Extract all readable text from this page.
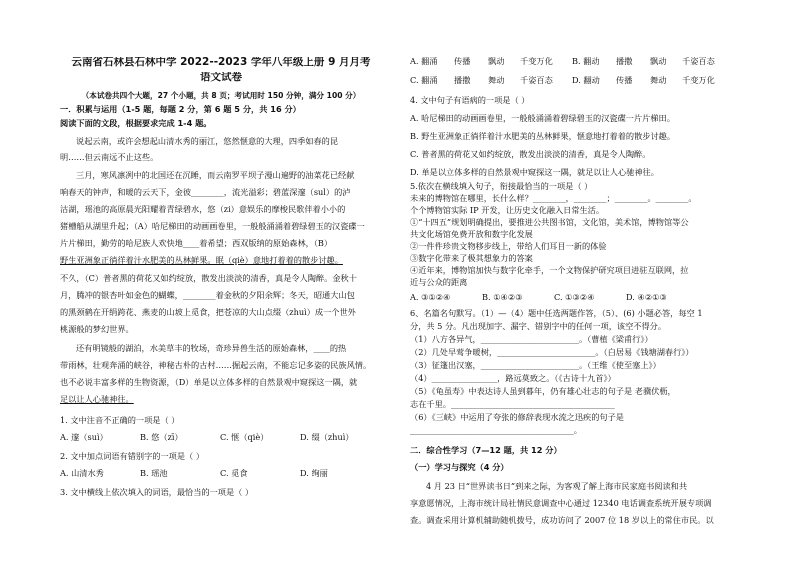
云南省石林县石林中学 2022--2023 学年八年级上册 9 月月考
语文试卷
（本试卷共四个大题，27 个小题，共 8 页；考试用时 150 分钟，满分 100 分）
一．积累与运用（1-5 题，每题 2 分，第 6 题 5 分，共 16 分）
阅读下面的文段，根据要求完成 1-4 题。
说起云南，或许会想起山清水秀的丽江，悠然惬意的大理，四季如春的昆
明……但云南远不止这些。
三月，寒风凛冽中的北国还在沉睡，而云南罗平坝子漫山遍野的油菜花已经献
响春天的钟声，和暖的云天下，金彼________，流光溢彩；碧蓝深邃（sul）的泸
沽湖，瑶池的高原晨光阳耀着青绿碧水，悠（zi）意娱乐的摩梭民歌伴着小小的
猪槽船从湖里升起；（A）哈尼梯田的动画画卷里，一般般涌涌着碧绿碧玉的汉瓷碟一
片片梯田，勤劳的哈尼族人欢快地____着希望；西双版纳的原始森林，（B）
野生亚洲象正徜徉着汁水肥美的丛林鲜果。眠（qiè）意地打着着的散步讨趣。
不久，（C）普者黑的荷花又如约绽放，散发出淡淡的清香，真是令人陶醉。金秋十
月，腾冲的银杏叶如金色的蝴蝶，________着金秋的夕阳余辉；冬天，昭通大山包
的黑颈鹤在开绢跨花、燕麦的山坡上觅食，把苍凉的大山点缀（zhuì）成一个世外
桃源般的梦幻世界。
还有明镜般的湖泊，水美草丰的牧场，奇珍异兽生活的原始森林，____的热
带雨林，壮观奔涌的峡谷，神秘古朴的古村……掘起云南，不能忘记多姿的民族风情。
也不必说丰富多样的生物资源，（D）单是以立体多样的自然景观中窥探这一隅，就
足以让人心驰神往。
1. 文中注音不正确的一项是（ ）
A. 邃（suì）	B. 悠（zī）	C. 惬（qiè）	D. 缀（zhuì）
2. 文中加点词语有错别字的一项是（ ）
A. 山清水秀	B. 瑶池	C. 觅食	D. 绚丽
3. 文中横线上依次填入的词语，最恰当的一项是（ ）
A. 翻涌	传播	飘动	千变万化	B. 翻动	播撒	飘动	千姿百态
C. 翻涌	播撒	舞动	千姿百态	D. 翻动	传播	舞动	千变万化
4. 文中句子有语病的一项是（ ）
A. 哈尼梯田的动画画卷里，一般般涌涌着碧绿碧玉的汉瓷碟一片片梯田。
B. 野生亚洲象正徜徉着汁水肥美的丛林鲜果，惬意地打着着的散步讨趣。
C. 普者黑的荷花又如约绽放，散发出淡淡的清香，真是令人陶醉。
D. 单是以立体多样的自然景观中窥探这一隅，就足以让人心驰神往。
5.依次在横线填入句子，衔接最恰当的一项是（ ）
未来的博物馆在哪里，长什么样？________，________；________。________。
个个博物馆实际 IP 开发，让历史文化融入日常生活。
①“十四五”规划明确提出，要推进公共图书馆，文化馆，美术馆，博物馆等公
共文化场馆免费开放和数字化发展
②一件件珍贵文物移步线上，带给人们耳目一新的体验
③数字化带来了极其想象力的答案
④近年来，博物馆加快与数字化牵手，一个文物保护研究项目进驻互联网，拉
近与公众的距离
A. ③①②④	B. ①④②③	C. ①③②④	D. ④②①③
6、名篇名句默写。（1）—（4）题中任选两题作答，（5）、(6) 小题必答，每空 1
分，共 5 分。凡出现加字、漏字、错别字中的任何一项，该空不得分。
（1）八方各异气，________________________。（曹植《梁甫行》）
（2）几处早莺争暖树，________________________。（白居易《钱塘湖春行》）
（3）征篷出汉塞，________________________。（王维《使至塞上》）
（4）________________，路远莫致之。（《古诗十九首》）
（5）《龟虽寿》中表达诗人虽到暮年，仍有雄心壮志的句子是 老骥伏枥，
志在千里。________________________________________
（6）《三峡》中运用了夸张的修辞表现水流之迅疾的句子是
________________________________________。
二．综合性学习（7—12 题，共 12 分）
（一）学习与探究（4 分）
4 月 23 日“世界读书日”到来之际，为客观了解上海市民家庭书阅读和共
享意愿情况，上海市统计局社情民意调查中心通过 12340 电话调查系统开展专项调
查。调查采用计算机辅助随机拨号，成功访问了 2007 位 18 岁以上的常住市民。以
